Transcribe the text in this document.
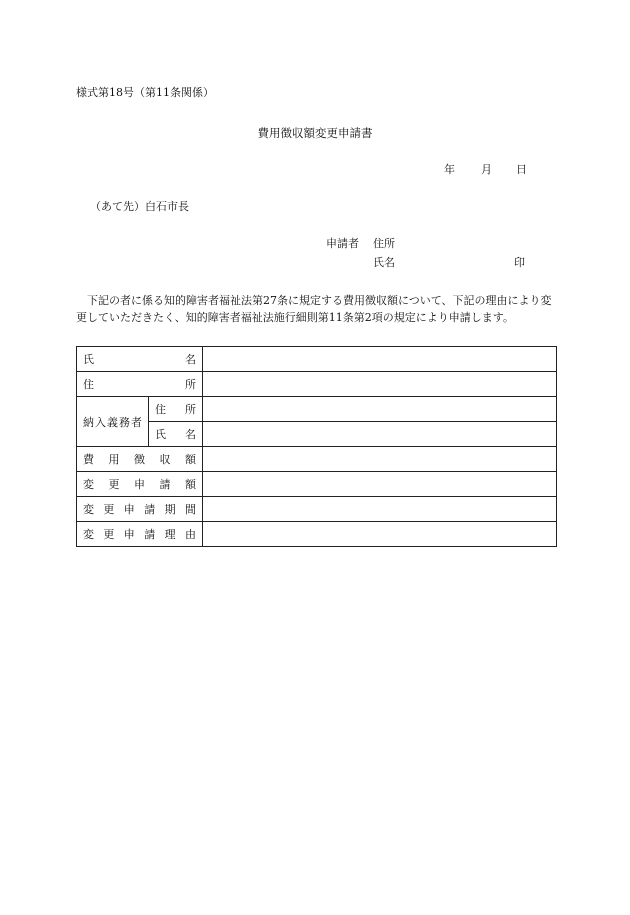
様式第18号（第11条関係）
費用徴収額変更申請書
年 月 日
（あて先）白石市長
申請者 住所
氏名	印
下記の者に係る知的障害者福祉法第27条に規定する費用徴収額について、下記の理由により変更していただきたく、知的障害者福祉法施行細則第11条第2項の規定により申請します。
氏　名		
住　所		
納入義務者	住　所	
	氏　名	
費用徴収額		
変更申請額		
変更申請期間		
変更申請理由		
